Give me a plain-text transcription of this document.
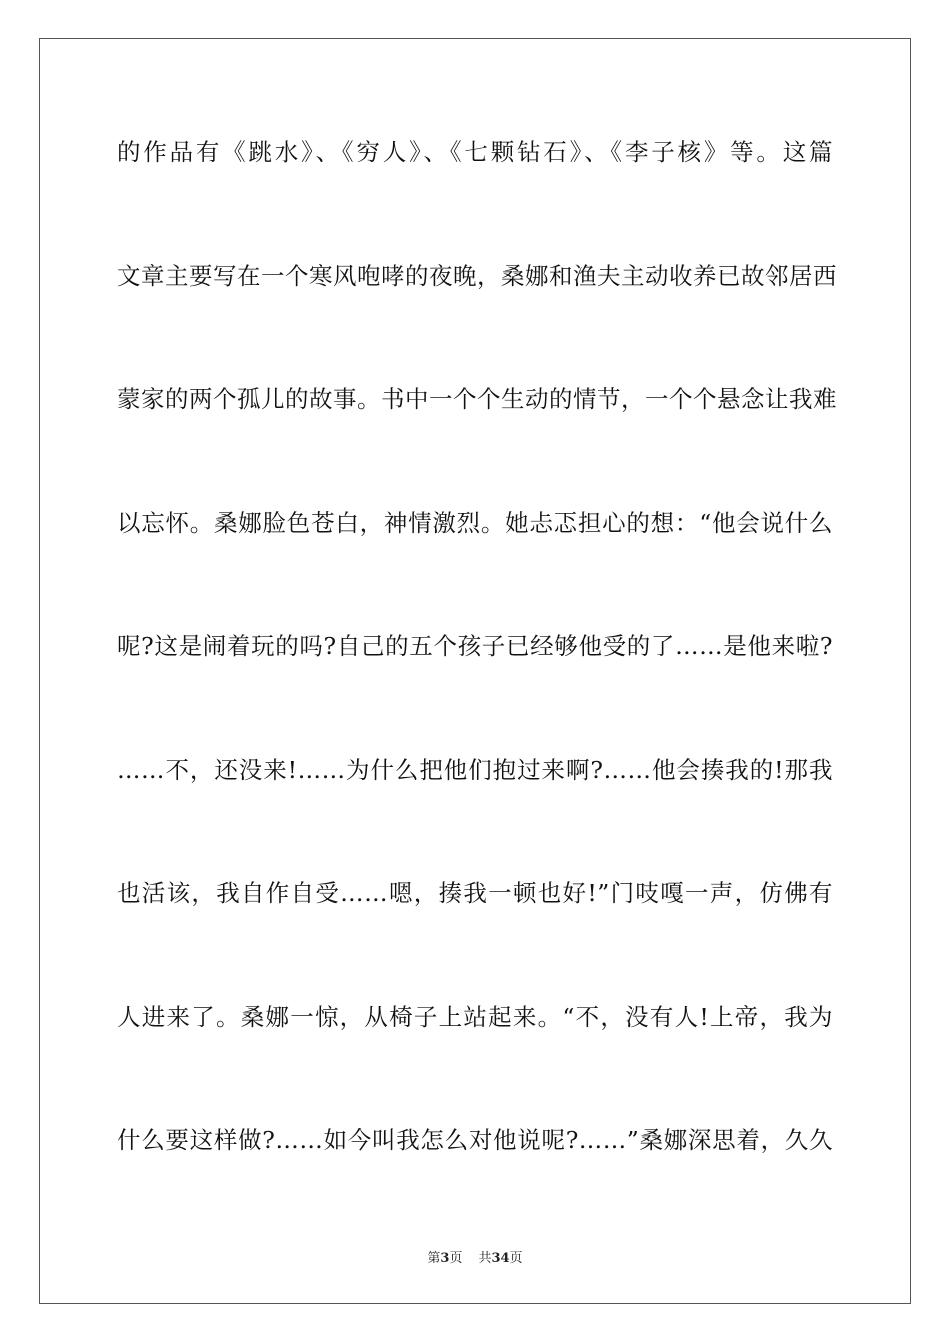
的作品有《跳水》、《穷人》、《七颗钻石》、《李子核》等。这篇
文章主要写在一个寒风咆哮的夜晚，桑娜和渔夫主动收养已故邻居西
蒙家的两个孤儿的故事。书中一个个生动的情节，一个个悬念让我难
以忘怀。桑娜脸色苍白，神情激烈。她忐忑担心的想：“他会说什么
呢?这是闹着玩的吗?自己的五个孩子已经够他受的了……是他来啦?
……不，还没来!……为什么把他们抱过来啊?……他会揍我的!那我
也活该，我自作自受……嗯，揍我一顿也好!”门吱嘎一声，仿佛有
人进来了。桑娜一惊，从椅子上站起来。“不，没有人!上帝，我为
什么要这样做?……如今叫我怎么对他说呢?……”桑娜深思着，久久
第3页 共34页
